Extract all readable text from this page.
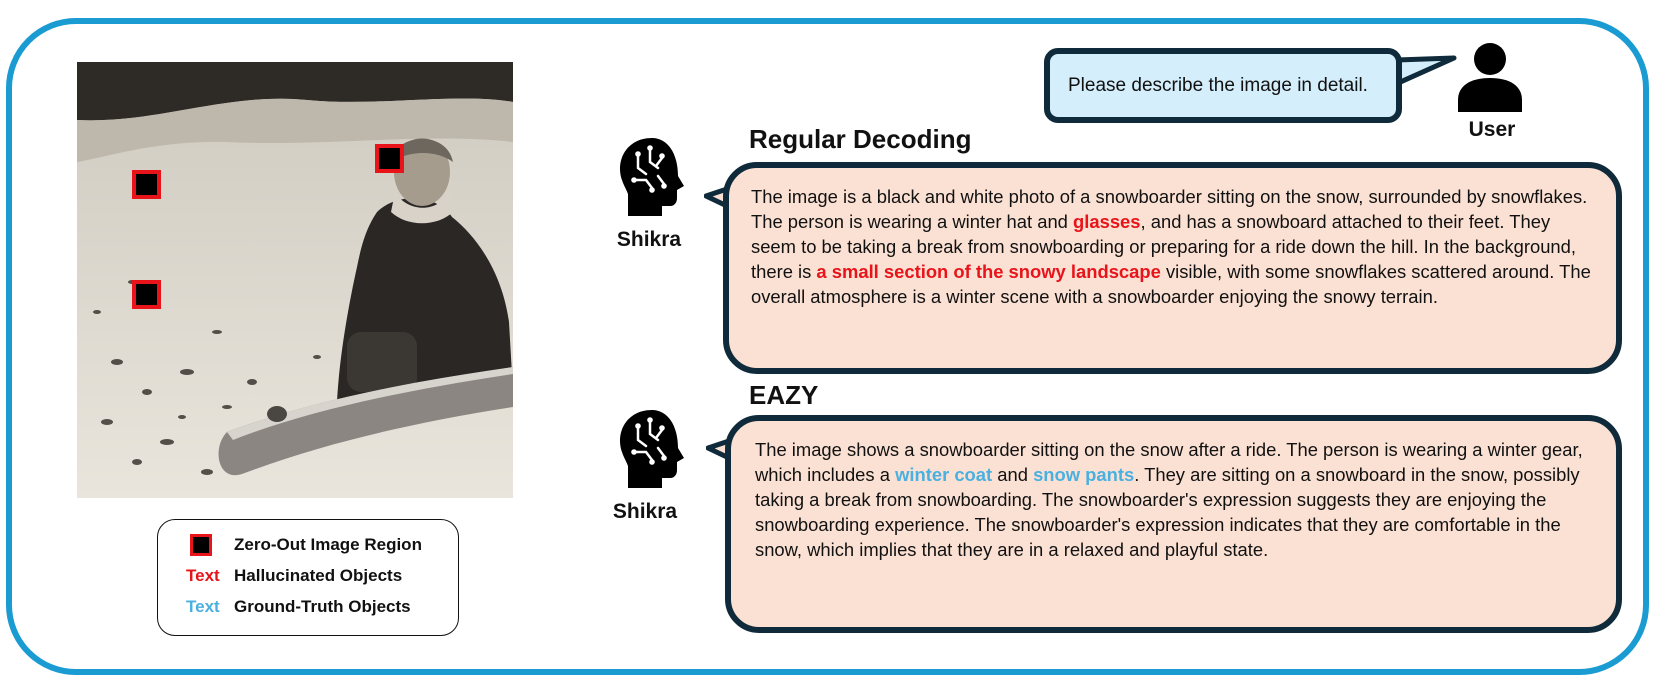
Zero-Out Image Region
Text Hallucinated Objects
Text Ground-Truth Objects
Please describe the image in detail.
User
Regular Decoding
Shikra
The image is a black and white photo of a snowboarder sitting on the snow, surrounded by snowflakes. The person is wearing a winter hat and glasses, and has a snowboard attached to their feet. They seem to be taking a break from snowboarding or preparing for a ride down the hill. In the background, there is a small section of the snowy landscape visible, with some snowflakes scattered around. The overall atmosphere is a winter scene with a snowboarder enjoying the snowy terrain.
EAZY
Shikra
The image shows a snowboarder sitting on the snow after a ride. The person is wearing a winter gear, which includes a winter coat and snow pants. They are sitting on a snowboard in the snow, possibly taking a break from snowboarding. The snowboarder's expression suggests they are enjoying the snowboarding experience. The snowboarder's expression indicates that they are comfortable in the snow, which implies that they are in a relaxed and playful state.
